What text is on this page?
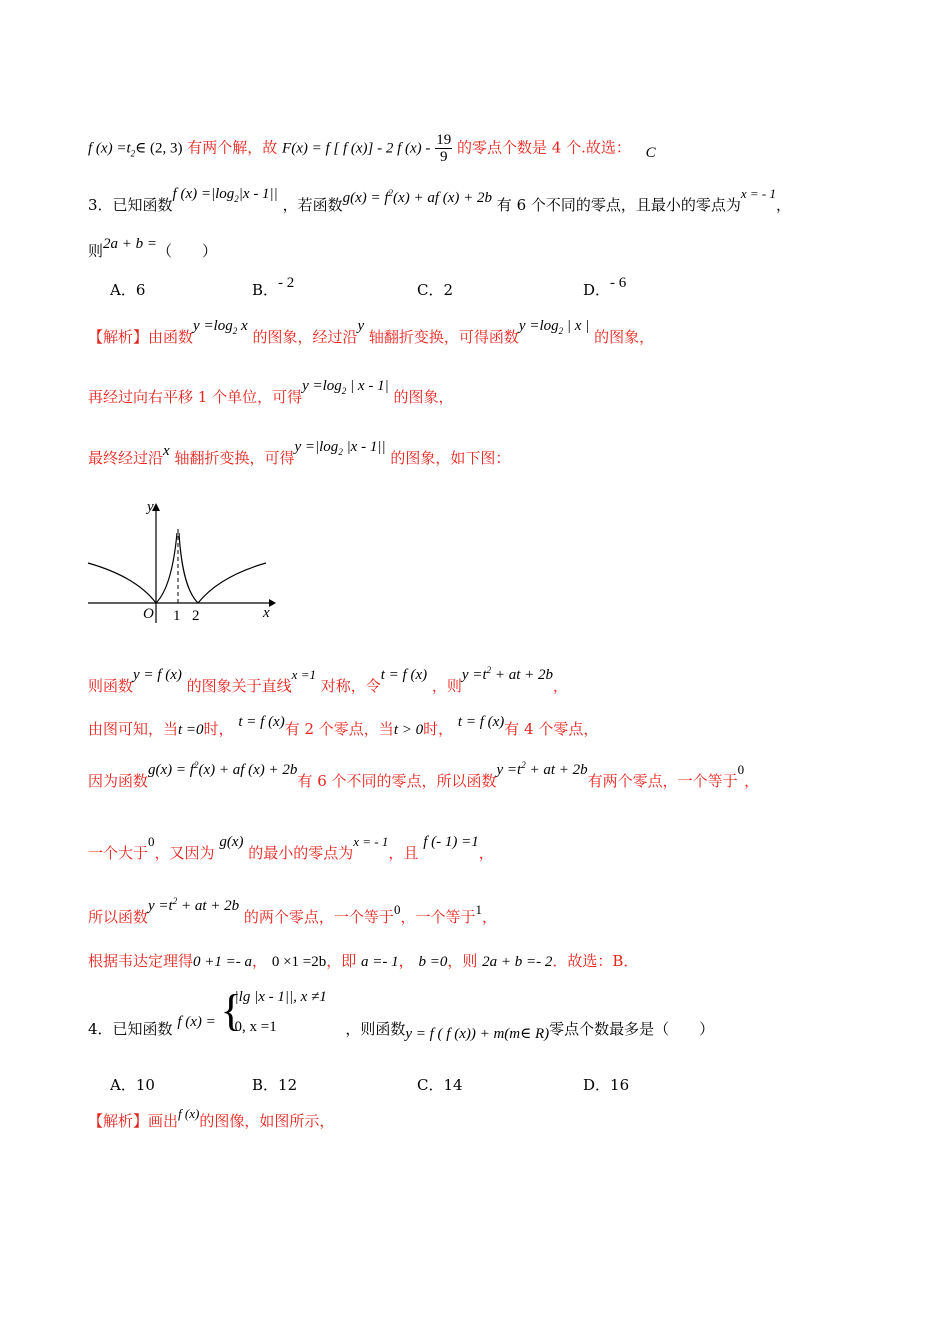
f $(x) =t_2\in$ (2, 3) 有两个解，故 F(x) = f [ f (x)] - 2 f $(x) - \frac{19}{9}$ 的零点个数是 4 个.故选： C
3．已知函数f $(x) =|\log_2|x - 1||$ ，若函数$g(x) = f^2(x)$ + af (x) + 2b 有 6 个不同的零点，且最小的零点为x = - 1，
则2a + b =（　　）
A．6	B．- 2	C．2	D．- 6
【解析】由函数$y =\log_2$ x 的图象，经过沿y 轴翻折变换，可得函数$y =\log_2$ | x | 的图象，
再经过向右平移 1 个单位，可得$y =\log_2$ | x - 1| 的图象，
最终经过沿x 轴翻折变换，可得$y =|\log_2$ |x - 1|| 的图象，如下图：
y
x
O 1 2
则函数y = f (x) 的图象关于直线x =1 对称，令t = f (x) ，则$y =t^2$ + at + 2b，
由图可知，当t =0时， t = f (x)有 2 个零点，当t > 0时， t = f (x)有 4 个零点，
因为函数$g(x) = f^2(x)$ + af (x) + 2b有 6 个不同的零点，所以函数$y =t^2$ + at + 2b有两个零点，一个等于0，
一个大于0，又因为 g(x) 的最小的零点为x = - 1，且 f (- 1) =1，
所以函数$y =t^2$ + at + 2b 的两个零点，一个等于0，一个等于1，
根据韦达定理得0 +1 =- a， 0 ×1 =2b，即 a =- 1， b =0，则 2a + b =- 2．故选：B．
4．已知函数 f (x) = {
|lg |x - 1||, x ≠1
0, x =1	，则函数y = f ( f (x)) + m(m∈ R)零点个数最多是（　　）
A．10	B．12	C．14	D．16
【解析】画出f (x)的图像，如图所示，
